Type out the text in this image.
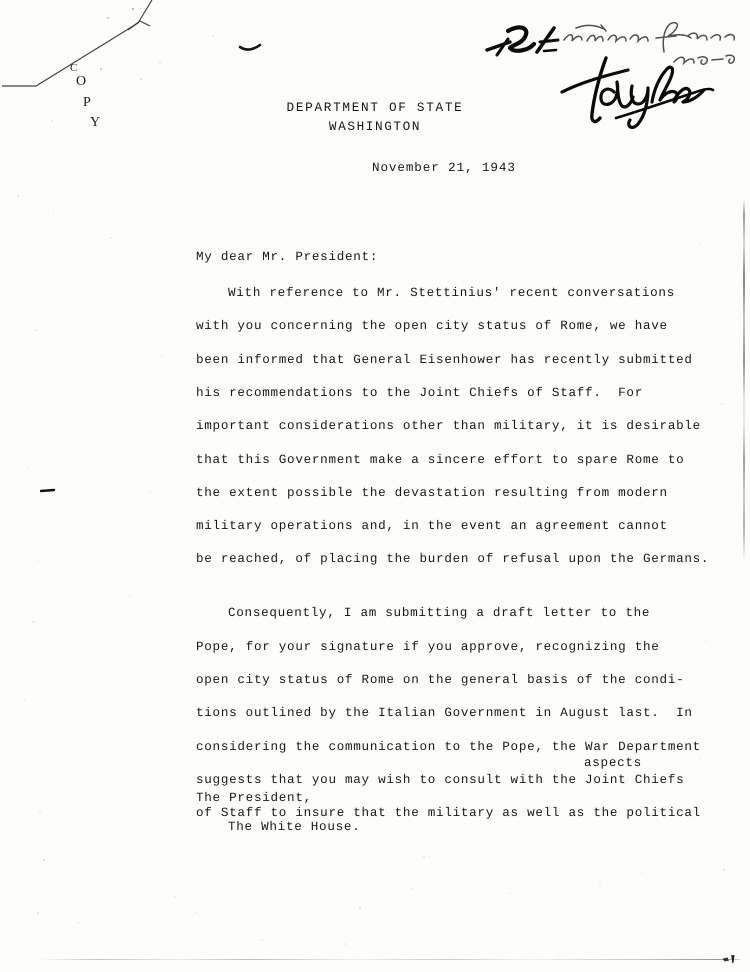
C
O
P
Y
DEPARTMENT OF STATE
WASHINGTON
November 21, 1943
My dear Mr. President:
With reference to Mr. Stettinius' recent conversations
with you concerning the open city status of Rome, we have
been informed that General Eisenhower has recently submitted
his recommendations to the Joint Chiefs of Staff.  For
important considerations other than military, it is desirable
that this Government make a sincere effort to spare Rome to
the extent possible the devastation resulting from modern
military operations and, in the event an agreement cannot
be reached, of placing the burden of refusal upon the Germans.
Consequently, I am submitting a draft letter to the
Pope, for your signature if you approve, recognizing the
open city status of Rome on the general basis of the condi-
tions outlined by the Italian Government in August last.  In
considering the communication to the Pope, the War Department
suggests that you may wish to consult with the Joint Chiefs
of Staff to insure that the military as well as the political
aspects
The President,
The White House.
